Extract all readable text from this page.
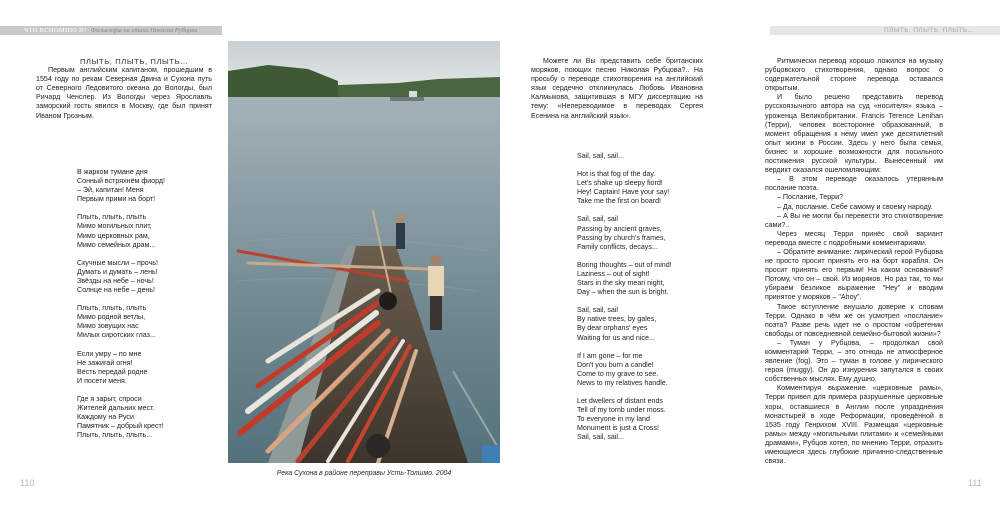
ЧТО ВСПОМНЮ Я? Фольклоры на стихи Николая Рубцова	ПЛЫТЬ, ПЛЫТЬ, ПЛЫТЬ...

ПЛЫТЬ, ПЛЫТЬ, ПЛЫТЬ...

Первым английским капитаном, прошедшим в 1554 году по рекам Северная Двина и Сухона путь от Северного Ледовитого океана до Вологды, был Ричард Ченслер. Из Вологды через Ярославль заморский гость явился в Москву, где был принят Иваном Грозным.

В жарком тумане дня
Сонный встряхнём фиорд!
– Эй, капитан! Меня
Первым прими на борт!
Плыть, плыть, плыть
Мимо могильных плит,
Мимо церковных рам,
Мимо семейных драм...
Скучные мысли – прочь!
Думать и думать – лень!
Звёзды на небе – ночь!
Солнце на небе – день!
Плыть, плыть, плыть
Мимо родной ветлы,
Мимо зовущих нас
Милых сиротских глаз...
Если умру – по мне
Не зажигай огня!
Весть передай родне
И посети меня.
Где я зарыт, спроси
Жителей дальних мест.
Каждому на Руси
Памятник – добрый крест!
Плыть, плыть, плыть...
Река Сухона в районе переправы Усть-Толшмо. 2004

Можете ли Вы представить себе британских моряков, поющих песню Николая Рубцова?.. На просьбу о переводе стихотворения на английский язык сердечно откликнулась Любовь Ивановна Калмыкова, защитившая в МГУ диссертацию на тему: «Непереводимое в переводах Сергея Есенина на английский язык».

Sail, sail, sail...
Hot is that fog of the day.
Let's shake up sleepy fiord!
Hey! Captain! Have your say!
Take me the first on board!
Sail, sail, sail
Passing by ancient graves,
Passing by church's frames,
Family conflicts, decays...
Boring thoughts – out of mind!
Laziness – out of sight!
Stars in the sky mean night,
Day – when the sun is bright.
Sail, sail, sail
By native trees, by gales,
By dear orphans' eyes
Waiting for us and nice...
If I am gone – for me
Don't you burn a candle!
Come to my grave to see.
News to my relatives handle.
Let dwellers of distant ends
Tell of my tomb under moss.
To everyone in my land
Monument is just a Cross!
Sail, sail, sail...

Ритмически перевод хорошо ложился на музыку рубцовского стихотворения, однако вопрос о содержательной стороне перевода оставался открытым.

И было решено представить перевод русскоязычного автора на суд «носителя» языка – уроженца Великобритании. Francis Terence Lenihan (Терри), человек всесторонне образованный, в момент обращения к нему имел уже десятилетний опыт жизни в России. Здесь у него была семья, бизнес и хорошие возможности для посильного постижения русской культуры. Вынесенный им вердикт оказался ошеломляющим:

– В этом переводе оказалось утерянным послание поэта.

– Послание, Терри?

– Да, послание. Себе самому и своему народу.

– А Вы не могли бы перевести это стихотворение сами?..

Через месяц Терри принёс свой вариант перевода вместе с подробными комментариями.

– Обратите внимание: лирический герой Рубцова не просто просит принять его на борт корабля. Он просит принять его первым! На каком основании? Потому, что он – свой. Из моряков. Но раз так, то мы убираем безликое выражение "Hey" и вводим принятое у моряков – "Ahoy".

Такое вступление внушало доверие к словам Терри. Однако в чём же он усмотрел «послание» поэта? Разве речь идет не о простом «обретении свободы от повседневной семейно-бытовой жизни»?

– Туман у Рубцова, – продолжал свой комментарий Терри, – это отнюдь не атмосферное явление (fog). Это – туман в голове у лирического героя (muggy). Он до изнурения запутался в своих собственных мыслях. Ему душно.

Комментируя выражение «церковные рамы», Терри привел для примера разрушенные церковные хоры, оставшиеся в Англии после упразднения монастырей в ходе Реформации, проведённой в 1535 году Генрихом XVIII. Размещая «церковные рамы» между «могильными плитами» и «семейными драмами», Рубцов хотел, по мнению Терри, отразить имеющиеся здесь глубокие причинно-следственные связи.

110	111
